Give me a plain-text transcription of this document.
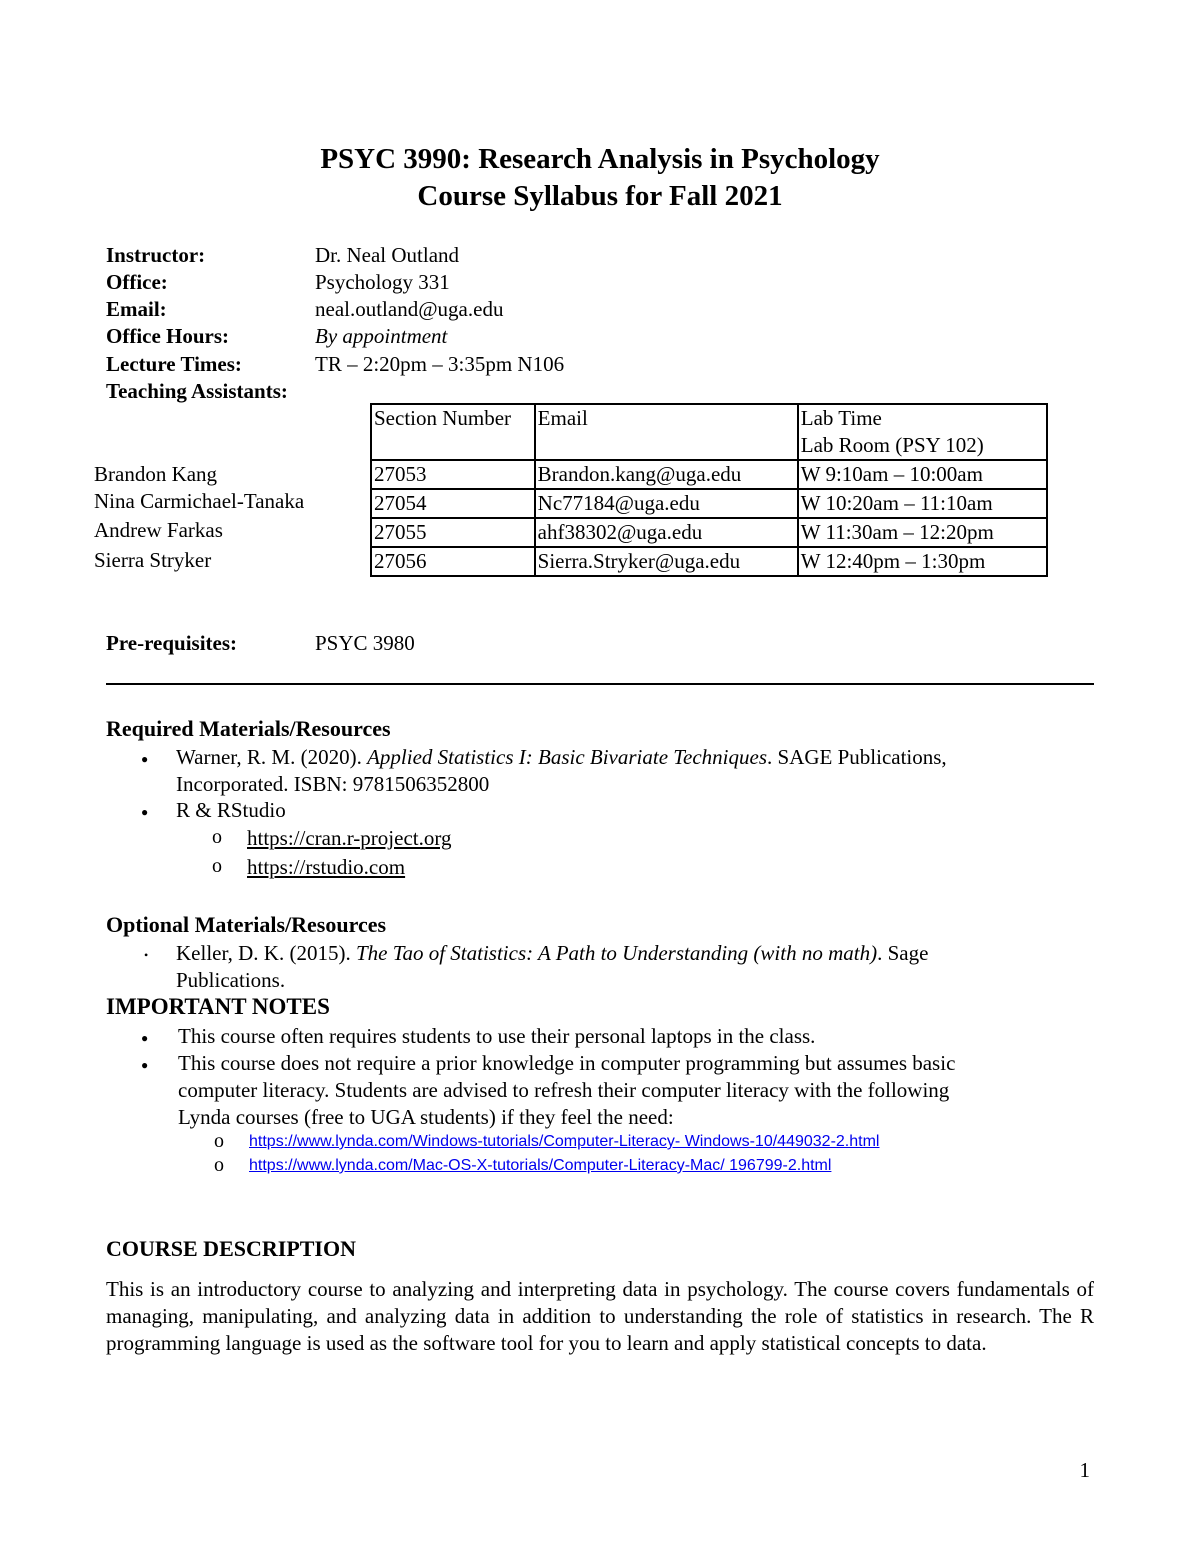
PSYC 3990: Research Analysis in Psychology
Course Syllabus for Fall 2021
Instructor:	Dr. Neal Outland
Office:	Psychology 331
Email:	neal.outland@uga.edu
Office Hours:	By appointment
Lecture Times:	TR – 2:20pm – 3:35pm N106
Teaching Assistants:
Brandon Kang
Nina Carmichael-Tanaka
Andrew Farkas
Sierra Stryker
Section Number	Email	Lab Time
Lab Room (PSY 102)

27053	Brandon.kang@uga.edu	W 9:10am – 10:00am
27054	Nc77184@uga.edu	W 10:20am – 11:10am
27055	ahf38302@uga.edu	W 11:30am – 12:20pm
27056	Sierra.Stryker@uga.edu	W 12:40pm – 1:30pm
Pre-requisites:	PSYC 3980
Required Materials/Resources
● Warner, R. M. (2020). Applied Statistics I: Basic Bivariate Techniques. SAGE Publications,
Incorporated. ISBN: 9781506352800
● R & RStudio
o https://cran.r-project.org
o https://rstudio.com
Optional Materials/Resources
• Keller, D. K. (2015). The Tao of Statistics: A Path to Understanding (with no math). Sage
Publications.
IMPORTANT NOTES
● This course often requires students to use their personal laptops in the class.
● This course does not require a prior knowledge in computer programming but assumes basic
computer literacy. Students are advised to refresh their computer literacy with the following
Lynda courses (free to UGA students) if they feel the need:
o https://www.lynda.com/Windows-tutorials/Computer-Literacy- Windows-10/449032-2.html
o https://www.lynda.com/Mac-OS-X-tutorials/Computer-Literacy-Mac/ 196799-2.html
COURSE DESCRIPTION
This is an introductory course to analyzing and interpreting data in psychology. The course covers fundamentals of managing, manipulating, and analyzing data in addition to understanding the role of statistics in research. The R programming language is used as the software tool for you to learn and apply statistical concepts to data.
1
